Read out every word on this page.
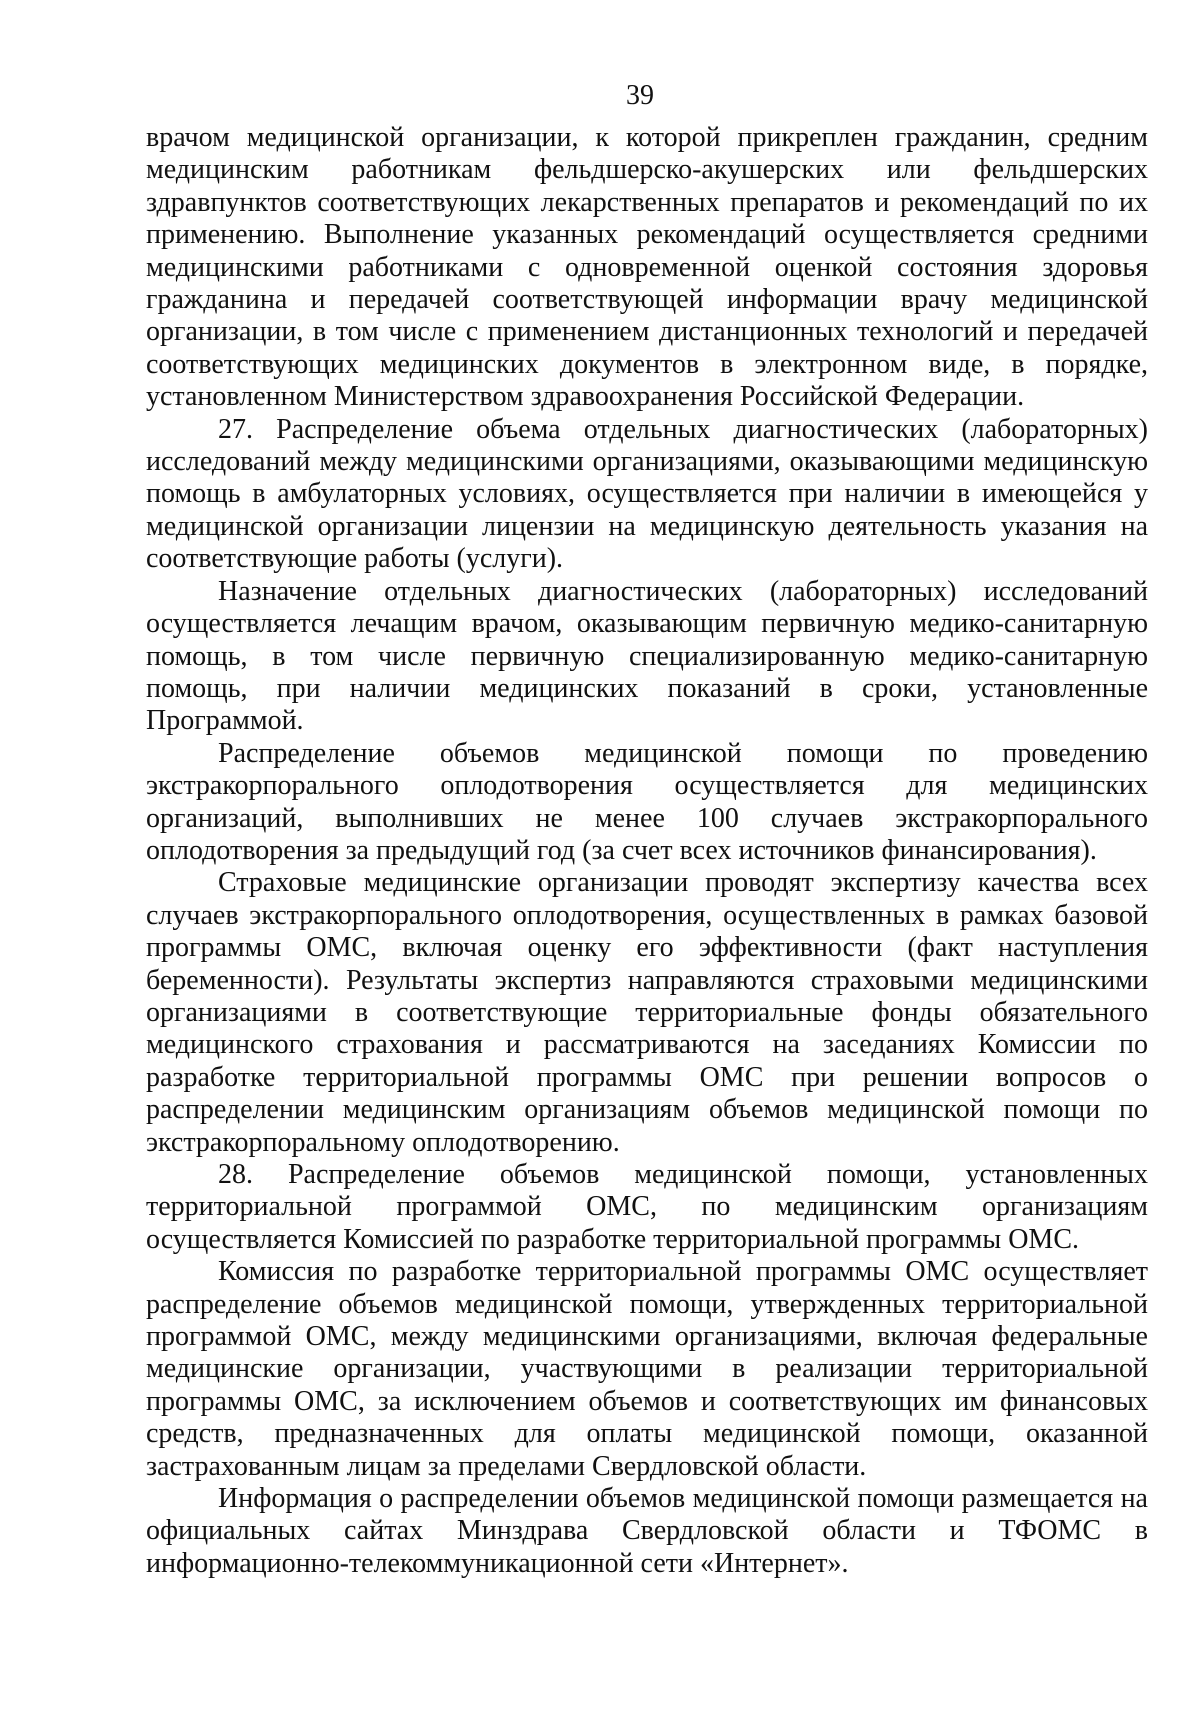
39

врачом медицинской организации, к которой прикреплен гражданин, средним медицинским работникам фельдшерско-акушерских или фельдшерских здравпунктов соответствующих лекарственных препаратов и рекомендаций по их применению. Выполнение указанных рекомендаций осуществляется средними медицинскими работниками с одновременной оценкой состояния здоровья гражданина и передачей соответствующей информации врачу медицинской организации, в том числе с применением дистанционных технологий и передачей соответствующих медицинских документов в электронном виде, в порядке, установленном Министерством здравоохранения Российской Федерации.

27. Распределение объема отдельных диагностических (лабораторных) исследований между медицинскими организациями, оказывающими медицинскую помощь в амбулаторных условиях, осуществляется при наличии в имеющейся у медицинской организации лицензии на медицинскую деятельность указания на соответствующие работы (услуги).

Назначение отдельных диагностических (лабораторных) исследований осуществляется лечащим врачом, оказывающим первичную медико-санитарную помощь, в том числе первичную специализированную медико-санитарную помощь, при наличии медицинских показаний в сроки, установленные Программой.

Распределение объемов медицинской помощи по проведению экстракорпорального оплодотворения осуществляется для медицинских организаций, выполнивших не менее 100 случаев экстракорпорального оплодотворения за предыдущий год (за счет всех источников финансирования).

Страховые медицинские организации проводят экспертизу качества всех случаев экстракорпорального оплодотворения, осуществленных в рамках базовой программы ОМС, включая оценку его эффективности (факт наступления беременности). Результаты экспертиз направляются страховыми медицинскими организациями в соответствующие территориальные фонды обязательного медицинского страхования и рассматриваются на заседаниях Комиссии по разработке территориальной программы ОМС при решении вопросов о распределении медицинским организациям объемов медицинской помощи по экстракорпоральному оплодотворению.

28. Распределение объемов медицинской помощи, установленных территориальной программой ОМС, по медицинским организациям осуществляется Комиссией по разработке территориальной программы ОМС.

Комиссия по разработке территориальной программы ОМС осуществляет распределение объемов медицинской помощи, утвержденных территориальной программой ОМС, между медицинскими организациями, включая федеральные медицинские организации, участвующими в реализации территориальной программы ОМС, за исключением объемов и соответствующих им финансовых средств, предназначенных для оплаты медицинской помощи, оказанной застрахованным лицам за пределами Свердловской области.

Информация о распределении объемов медицинской помощи размещается на официальных сайтах Минздрава Свердловской области и ТФОМС в информационно-телекоммуникационной сети «Интернет».
